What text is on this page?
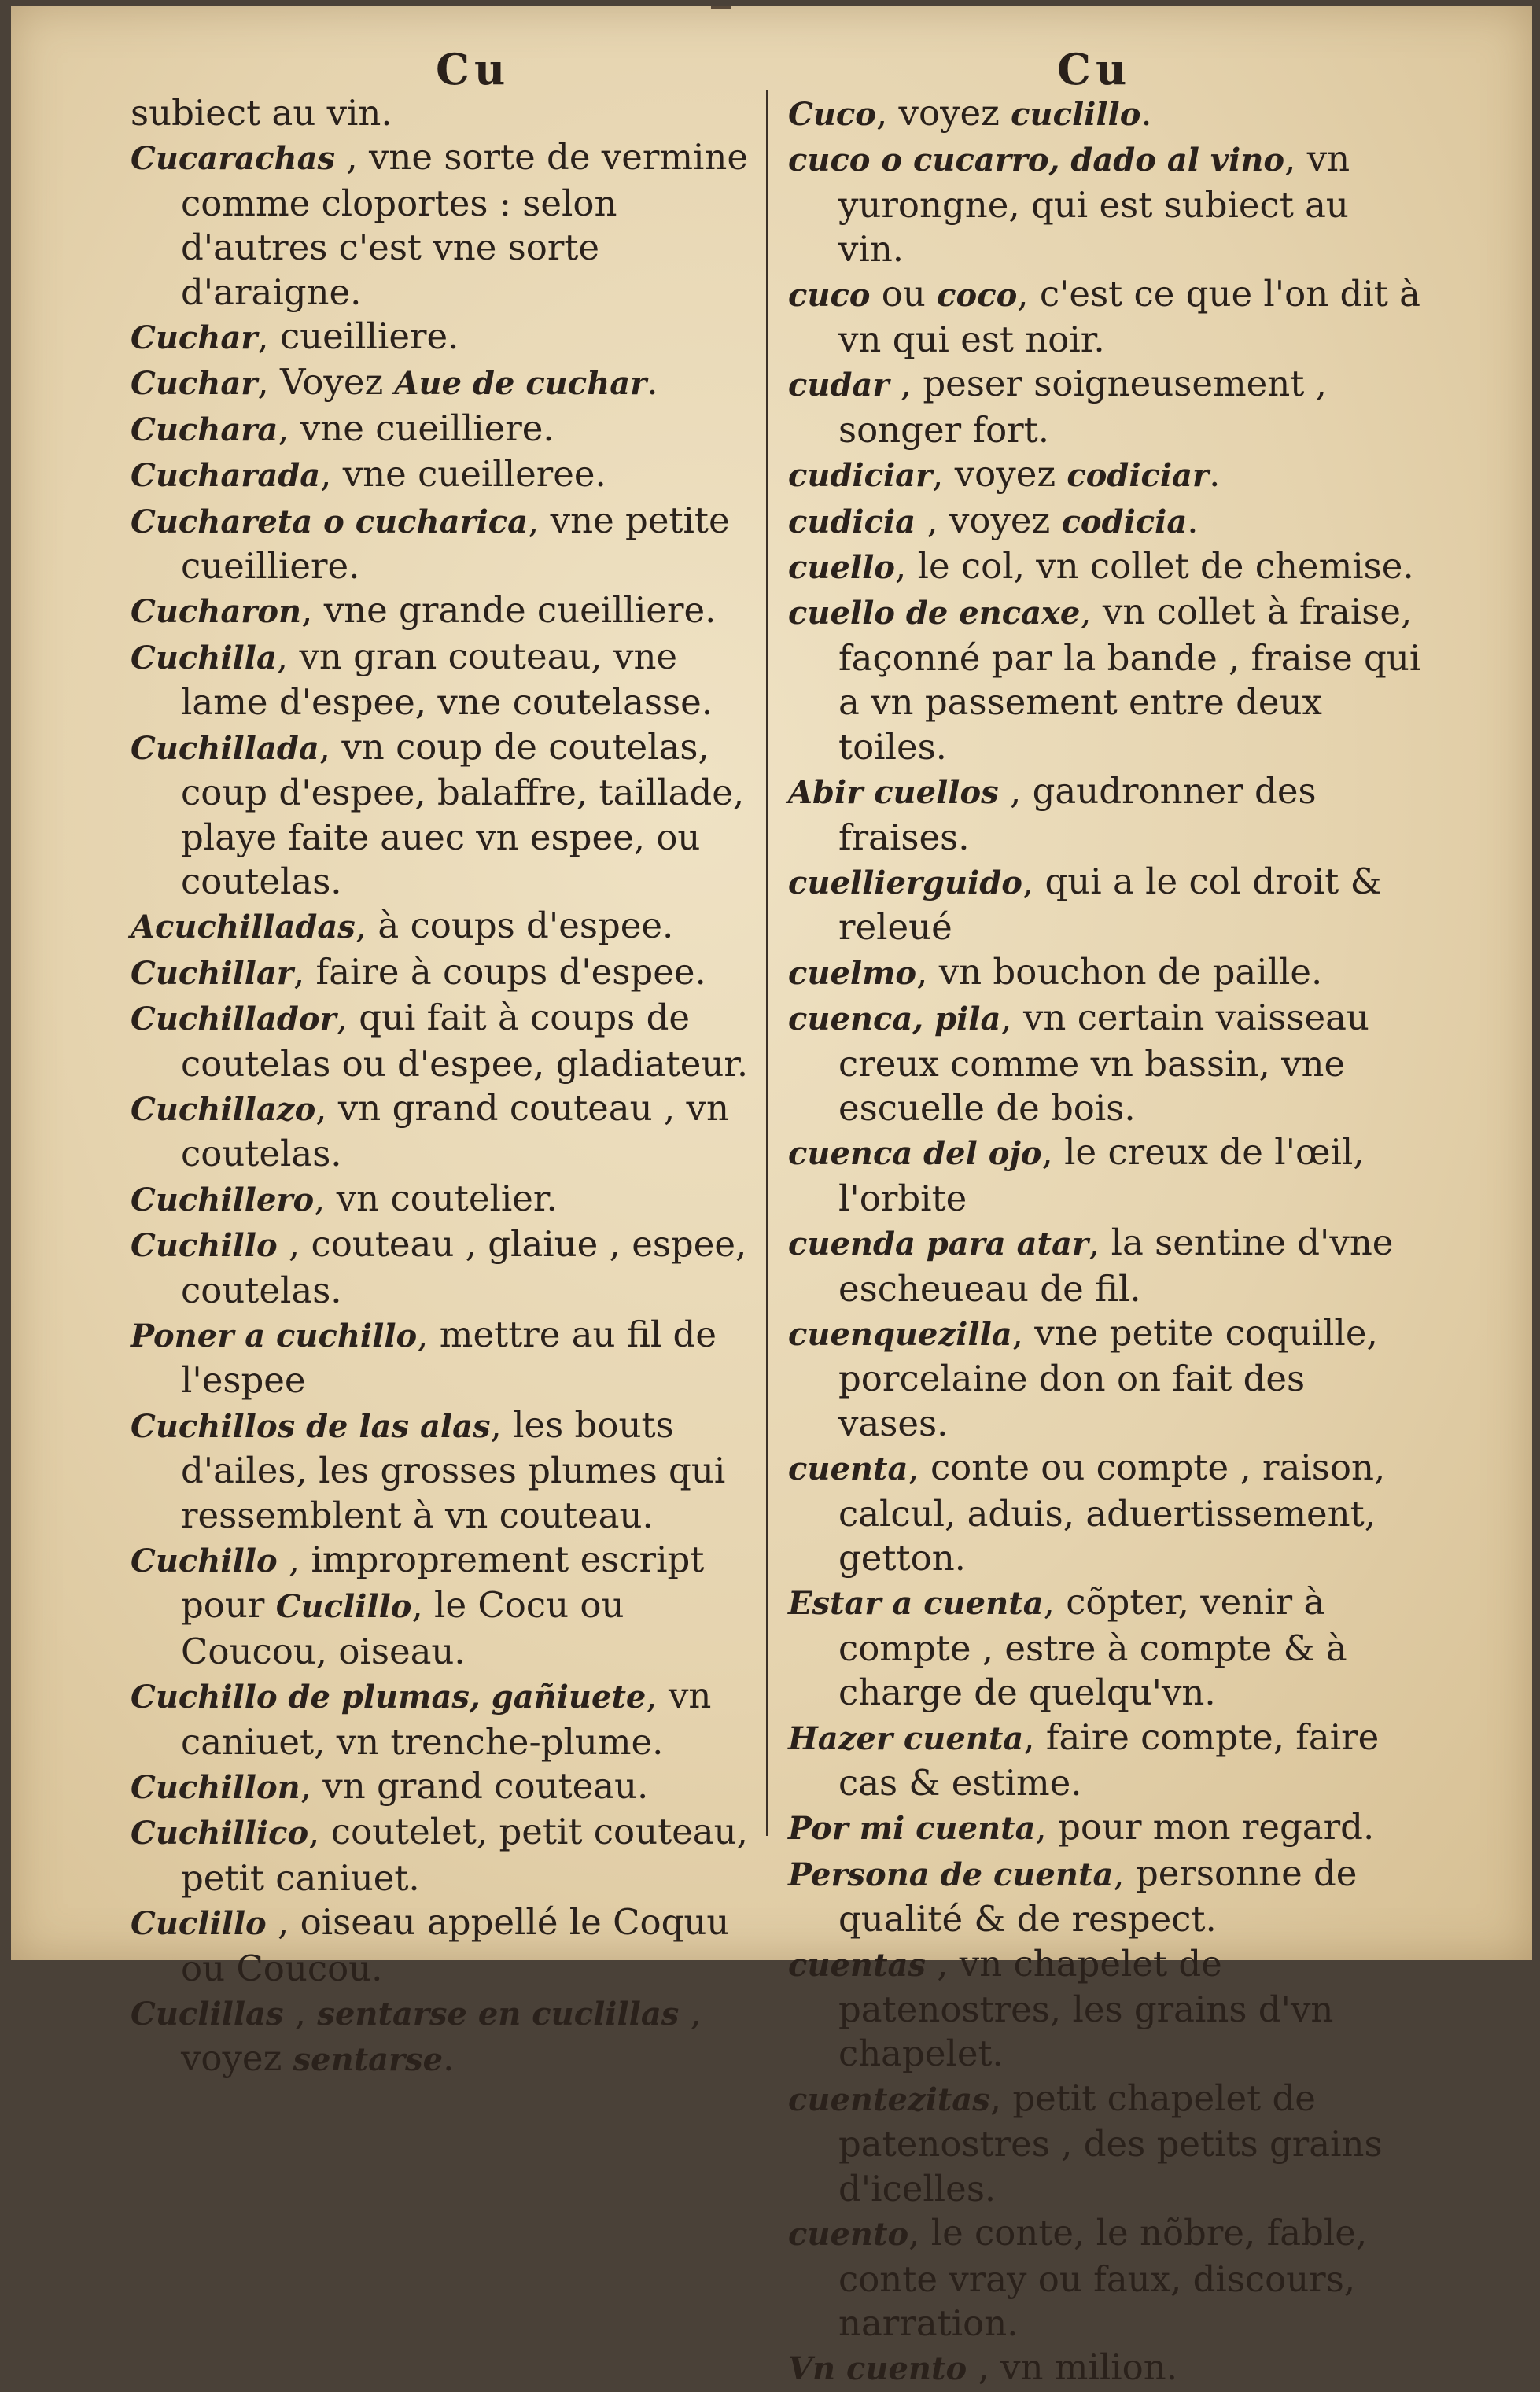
Cu	Cu

subiect au vin.

Cucarachas , vne sorte de vermine comme cloportes : selon d'autres c'est vne sorte d'araigne.

Cuchar, cueilliere.

Cuchar, Voyez Aue de cuchar.

Cuchara, vne cueilliere.

Cucharada, vne cueilleree.

Cuchareta o cucharica, vne petite cueilliere.

Cucharon, vne grande cueilliere.

Cuchilla, vn gran couteau, vne lame d'espee, vne coutelasse.

Cuchillada, vn coup de coutelas, coup d'espee, balaffre, taillade, playe faite auec vn espee, ou coutelas.

Acuchilladas, à coups d'espee.

Cuchillar, faire à coups d'espee.

Cuchillador, qui fait à coups de coutelas ou d'espee, gladiateur.

Cuchillazo, vn grand couteau , vn coutelas.

Cuchillero, vn coutelier.

Cuchillo , couteau , glaiue , espee, coutelas.

Poner a cuchillo, mettre au fil de l'espee

Cuchillos de las alas, les bouts d'ailes, les grosses plumes qui ressemblent à vn couteau.

Cuchillo , improprement escript pour Cuclillo, le Cocu ou Coucou, oiseau.

Cuchillo de plumas, gañiuete, vn caniuet, vn trenche-plume.

Cuchillon, vn grand couteau.

Cuchillico, coutelet, petit couteau, petit caniuet.

Cuclillo , oiseau appellé le Coquu ou Coucou.

Cuclillas , sentarse en cuclillas , voyez sentarse.

Cuco, voyez cuclillo.

cuco o cucarro, dado al vino, vn yurongne, qui est subiect au vin.

cuco ou coco, c'est ce que l'on dit à vn qui est noir.

cudar , peser soigneusement , songer fort.

cudiciar, voyez codiciar.

cudicia , voyez codicia.

cuello, le col, vn collet de chemise.

cuello de encaxe, vn collet à fraise, façonné par la bande , fraise qui a vn passement entre deux toiles.

Abir cuellos , gaudronner des fraises.

cuellierguido, qui a le col droit & releué

cuelmo, vn bouchon de paille.

cuenca, pila, vn certain vaisseau creux comme vn bassin, vne escuelle de bois.

cuenca del ojo, le creux de l'œil, l'orbite

cuenda para atar, la sentine d'vne escheueau de fil.

cuenquezilla, vne petite coquille, porcelaine don on fait des vases.

cuenta, conte ou compte , raison, calcul, aduis, aduertissement, getton.

Estar a cuenta, cõpter, venir à compte , estre à compte & à charge de quelqu'vn.

Hazer cuenta, faire compte, faire cas & estime.

Por mi cuenta, pour mon regard.

Persona de cuenta, personne de qualité & de respect.

cuentas , vn chapelet de patenostres, les grains d'vn chapelet.

cuentezitas, petit chapelet de patenostres , des petits grains d'icelles.

cuento, le conte, le nõbre, fable, conte vray ou faux, discours, narration.

Vn cuento , vn milion.
